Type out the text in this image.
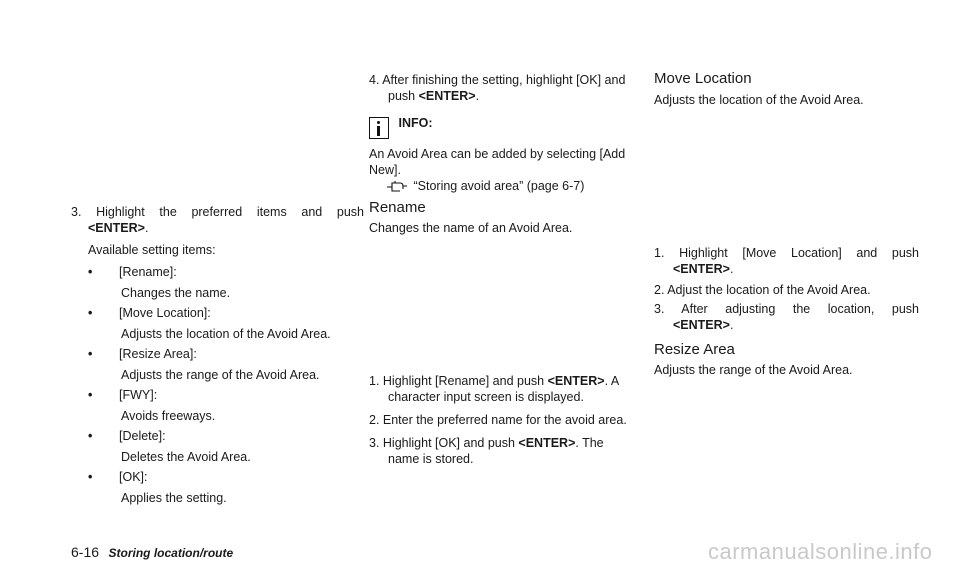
3. Highlight the preferred items and push
<ENTER>.
Available setting items:
• [Rename]:
Changes the name.
• [Move Location]:
Adjusts the location of the Avoid Area.
• [Resize Area]:
Adjusts the range of the Avoid Area.
• [FWY]:
Avoids freeways.
• [Delete]:
Deletes the Avoid Area.
• [OK]:
Applies the setting.
4. After finishing the setting, highlight [OK] and
push <ENTER>.
INFO:
An Avoid Area can be added by selecting [Add New].
“Storing avoid area” (page 6-7)
Rename
Changes the name of an Avoid Area.
1. Highlight [Rename] and push <ENTER>. A
character input screen is displayed.
2. Enter the preferred name for the avoid area.
3. Highlight [OK] and push <ENTER>. The
name is stored.
Move Location
Adjusts the location of the Avoid Area.
1. Highlight [Move Location] and push
<ENTER>.
2. Adjust the location of the Avoid Area.
3. After adjusting the location, push
<ENTER>.
Resize Area
Adjusts the range of the Avoid Area.
6-16 Storing location/route	carmanualsonline.info
